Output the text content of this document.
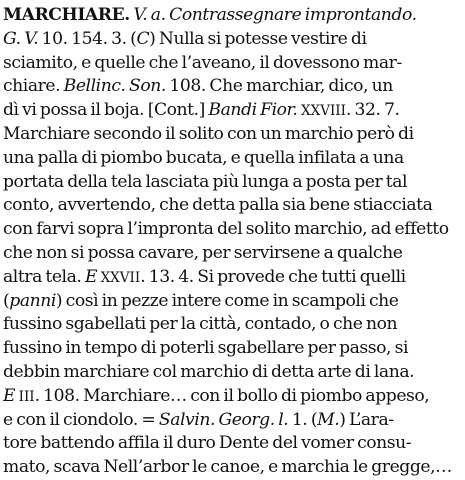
MARCHIARE. V. a. Contrassegnare improntando.
G. V. 10. 154. 3. (C) Nulla si potesse vestire di
sciamito, e quelle che l’aveano, il dovessono mar-
chiare. Bellinc. Son. 108. Che marchiar, dico, un
dì vi possa il boja. [Cont.] Bandi Fior. XXVIII. 32. 7.
Marchiare secondo il solito con un marchio però di
una palla di piombo bucata, e quella infilata a una
portata della tela lasciata più lunga a posta per tal
conto, avvertendo, che detta palla sia bene stiacciata
con farvi sopra l’impronta del solito marchio, ad effetto
che non si possa cavare, per servirsene a qualche
altra tela. E XXVII. 13. 4. Si provede che tutti quelli
(panni) così in pezze intere come in scampoli che
fussino sgabellati per la città, contado, o che non
fussino in tempo di poterli sgabellare per passo, si
debbin marchiare col marchio di detta arte di lana.
E III. 108. Marchiare… con il bollo di piombo appeso,
e con il ciondolo. = Salvin. Georg. l. 1. (M.) L’ara-
tore battendo affila il duro Dente del vomer consu-
mato, scava Nell’arbor le canoe, e marchia le gregge,…
